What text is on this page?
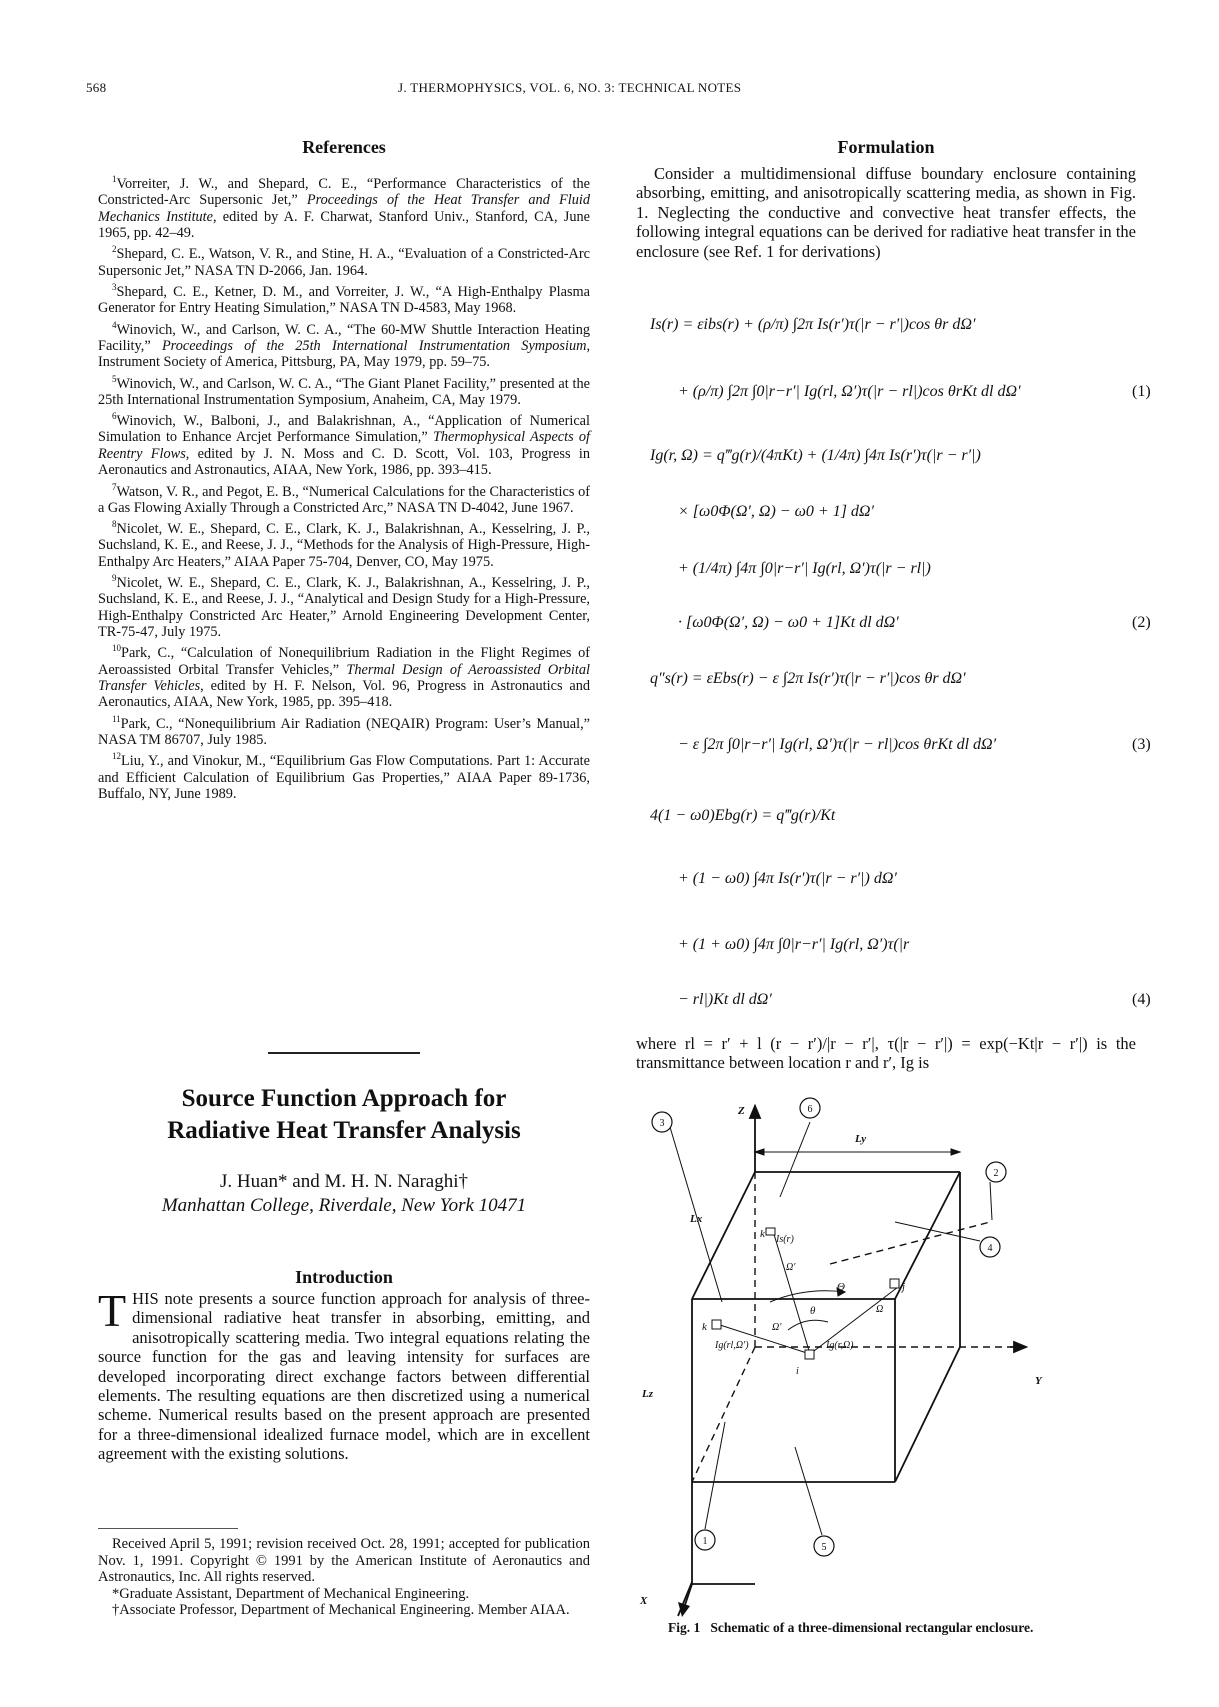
568	J. THERMOPHYSICS, VOL. 6, NO. 3: TECHNICAL NOTES
References

$^1$Vorreiter, J. W., and Shepard, C. E., “Performance Characteristics of the Constricted-Arc Supersonic Jet,” Proceedings of the Heat Transfer and Fluid Mechanics Institute, edited by A. F. Charwat, Stanford Univ., Stanford, CA, June 1965, pp. 42–49.

$^2$Shepard, C. E., Watson, V. R., and Stine, H. A., “Evaluation of a Constricted-Arc Supersonic Jet,” NASA TN D-2066, Jan. 1964.

$^3$Shepard, C. E., Ketner, D. M., and Vorreiter, J. W., “A High-Enthalpy Plasma Generator for Entry Heating Simulation,” NASA TN D-4583, May 1968.

$^4$Winovich, W., and Carlson, W. C. A., “The 60-MW Shuttle Interaction Heating Facility,” Proceedings of the 25th International Instrumentation Symposium, Instrument Society of America, Pittsburg, PA, May 1979, pp. 59–75.

$^5$Winovich, W., and Carlson, W. C. A., “The Giant Planet Facility,” presented at the 25th International Instrumentation Symposium, Anaheim, CA, May 1979.

$^6$Winovich, W., Balboni, J., and Balakrishnan, A., “Application of Numerical Simulation to Enhance Arcjet Performance Simulation,” Thermophysical Aspects of Reentry Flows, edited by J. N. Moss and C. D. Scott, Vol. 103, Progress in Aeronautics and Astronautics, AIAA, New York, 1986, pp. 393–415.

$^7$Watson, V. R., and Pegot, E. B., “Numerical Calculations for the Characteristics of a Gas Flowing Axially Through a Constricted Arc,” NASA TN D-4042, June 1967.

$^8$Nicolet, W. E., Shepard, C. E., Clark, K. J., Balakrishnan, A., Kesselring, J. P., Suchsland, K. E., and Reese, J. J., “Methods for the Analysis of High-Pressure, High-Enthalpy Arc Heaters,” AIAA Paper 75-704, Denver, CO, May 1975.

$^9$Nicolet, W. E., Shepard, C. E., Clark, K. J., Balakrishnan, A., Kesselring, J. P., Suchsland, K. E., and Reese, J. J., “Analytical and Design Study for a High-Pressure, High-Enthalpy Constricted Arc Heater,” Arnold Engineering Development Center, TR-75-47, July 1975.

$^{10}$Park, C., “Calculation of Nonequilibrium Radiation in the Flight Regimes of Aeroassisted Orbital Transfer Vehicles,” Thermal Design of Aeroassisted Orbital Transfer Vehicles, edited by H. F. Nelson, Vol. 96, Progress in Astronautics and Aeronautics, AIAA, New York, 1985, pp. 395–418.

$^{11}$Park, C., “Nonequilibrium Air Radiation (NEQAIR) Program: User’s Manual,” NASA TM 86707, July 1985.

$^{12}$Liu, Y., and Vinokur, M., “Equilibrium Gas Flow Computations. Part 1: Accurate and Efficient Calculation of Equilibrium Gas Properties,” AIAA Paper 89-1736, Buffalo, NY, June 1989.

Source Function Approach for
Radiative Heat Transfer Analysis
J. Huan* and M. H. N. Naraghi†
Manhattan College, Riverdale, New York 10471
Introduction

THIS note presents a source function approach for analysis of three-dimensional radiative heat transfer in absorbing, emitting, and anisotropically scattering media. Two integral equations relating the source function for the gas and leaving intensity for surfaces are developed incorporating direct exchange factors between differential elements. The resulting equations are then discretized using a numerical scheme. Numerical results based on the present approach are presented for a three-dimensional idealized furnace model, which are in excellent agreement with the existing solutions.

Received April 5, 1991; revision received Oct. 28, 1991; accepted for publication Nov. 1, 1991. Copyright © 1991 by the American Institute of Aeronautics and Astronautics, Inc. All rights reserved.

*Graduate Assistant, Department of Mechanical Engineering.

†Associate Professor, Department of Mechanical Engineering. Member AIAA.

Formulation

Consider a multidimensional diffuse boundary enclosure containing absorbing, emitting, and anisotropically scattering media, as shown in Fig. 1. Neglecting the conductive and convective heat transfer effects, the following integral equations can be derived for radiative heat transfer in the enclosure (see Ref. 1 for derivations)

Is(r) = εibs(r) + (ρ/π) ∫2π Is(r′)τ(|r − r′|)cos θr dΩ′
+ (ρ/π) ∫2π ∫0|r−r′| Ig(rl, Ω′)τ(|r − rl|)cos θrKt dl dΩ′	(1)
Ig(r, Ω) = q‴g(r)/(4πKt) + (1/4π) ∫4π Is(r′)τ(|r − r′|)
× [ω0Φ(Ω′, Ω) − ω0 + 1] dΩ′
+ (1/4π) ∫4π ∫0|r−r′| Ig(rl, Ω′)τ(|r − rl|)
· [ω0Φ(Ω′, Ω) − ω0 + 1]Kt dl dΩ′	(2)
q″s(r) = εEbs(r) − ε ∫2π Is(r′)τ(|r − r′|)cos θr dΩ′
− ε ∫2π ∫0|r−r′| Ig(rl, Ω′)τ(|r − rl|)cos θrKt dl dΩ′	(3)
4(1 − ω0)Ebg(r) = q‴g(r)/Kt
+ (1 − ω0) ∫4π Is(r′)τ(|r − r′|) dΩ′
+ (1 + ω0) ∫4π ∫0|r−r′| Ig(rl, Ω′)τ(|r
− rl|)Kt dl dΩ′	(4)

where rl = r′ + l (r − r′)/|r − r′|, τ(|r − r′|) = exp(−Kt|r − r′|) is the transmittance between location r and r′, Ig is

Z
Y
X
Ly
Lx
Lz
k Is(r)
Ω′
Θ
θ	Ω
j
k	Ω′
Ig(rl,Ω′)
i
Ig(r,Ω)
6
2
3
4
1
5
Fig. 1 Schematic of a three-dimensional rectangular enclosure.
